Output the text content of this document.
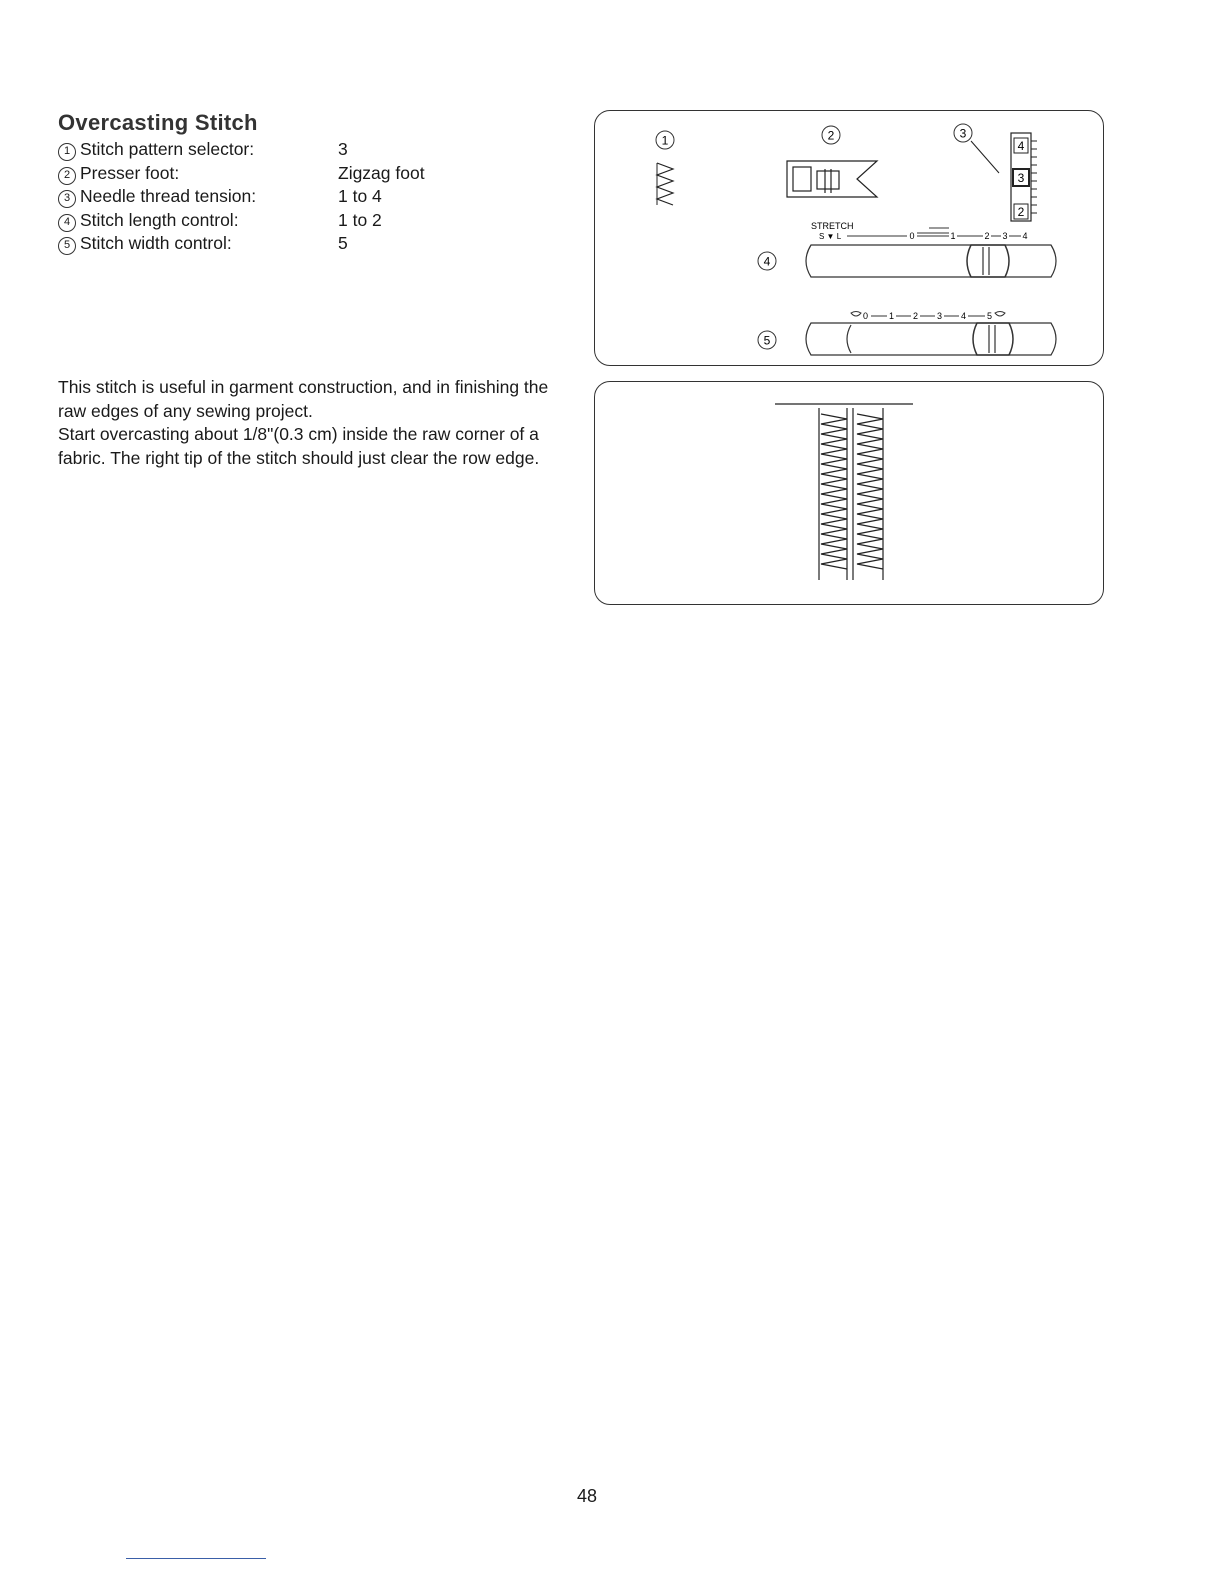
Overcasting Stitch
1 Stitch pattern selector:	3
2 Presser foot:	Zigzag foot
3 Needle thread tension:	1 to 4
4 Stitch length control:	1 to 2
5 Stitch width control:	5

This stitch is useful in garment construction, and in finishing the raw edges of any sewing project.

Start overcasting about 1/8"(0.3 cm) inside the raw corner of a fabric. The right tip of the stitch should just clear the row edge.

1	2	3
4
5
4
3
2
STRETCH
S ▼ L	0	1	2 3 4
0 1 2 3 4 5
48
